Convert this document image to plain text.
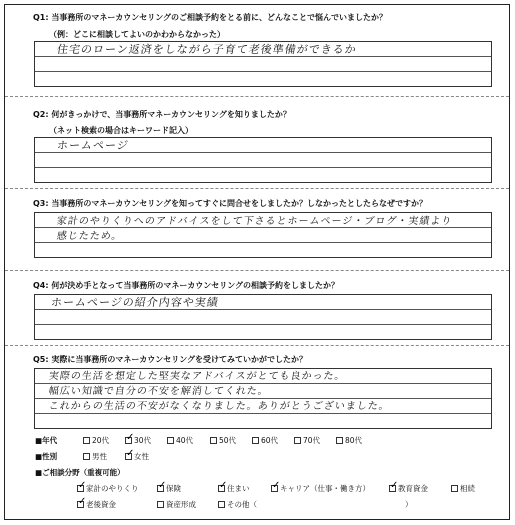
Q1: 当事務所のマネーカウンセリングのご相談予約をとる前に、どんなことで悩んでいましたか？
（例：どこに相談してよいのかわからなかった）
住宅のローン返済をしながら子育て老後準備ができるか
Q2: 何がきっかけで、当事務所マネーカウンセリングを知りましたか？
（ネット検索の場合はキーワード記入）
ホームページ
Q3: 当事務所のマネーカウンセリングを知ってすぐに問合せをしましたか？しなかったとしたらなぜですか？
家計のやりくりへのアドバイスをして下さるとホームページ・ブログ・実績より
感じたため。
Q4: 何が決め手となって当事務所のマネーカウンセリングの相談予約をしましたか？
ホームページの紹介内容や実績
Q5: 実際に当事務所のマネーカウンセリングを受けてみていかがでしたか？
実際の生活を想定した堅実なアドバイスがとても良かった。
幅広い知識で自分の不安を解消してくれた。
これからの生活の不安がなくなりました。ありがとうございました。
■年代	20代 ✓	30代	40代	50代	60代	70代	80代
■性別	男性 ✓	女性
■ご相談分野（重複可能）
✓家計のやりくり ✓	保険 ✓	住まい ✓	キャリア（仕事・働き方） ✓	教育資金	相続
✓老後資金	資産形成	その他（	）
